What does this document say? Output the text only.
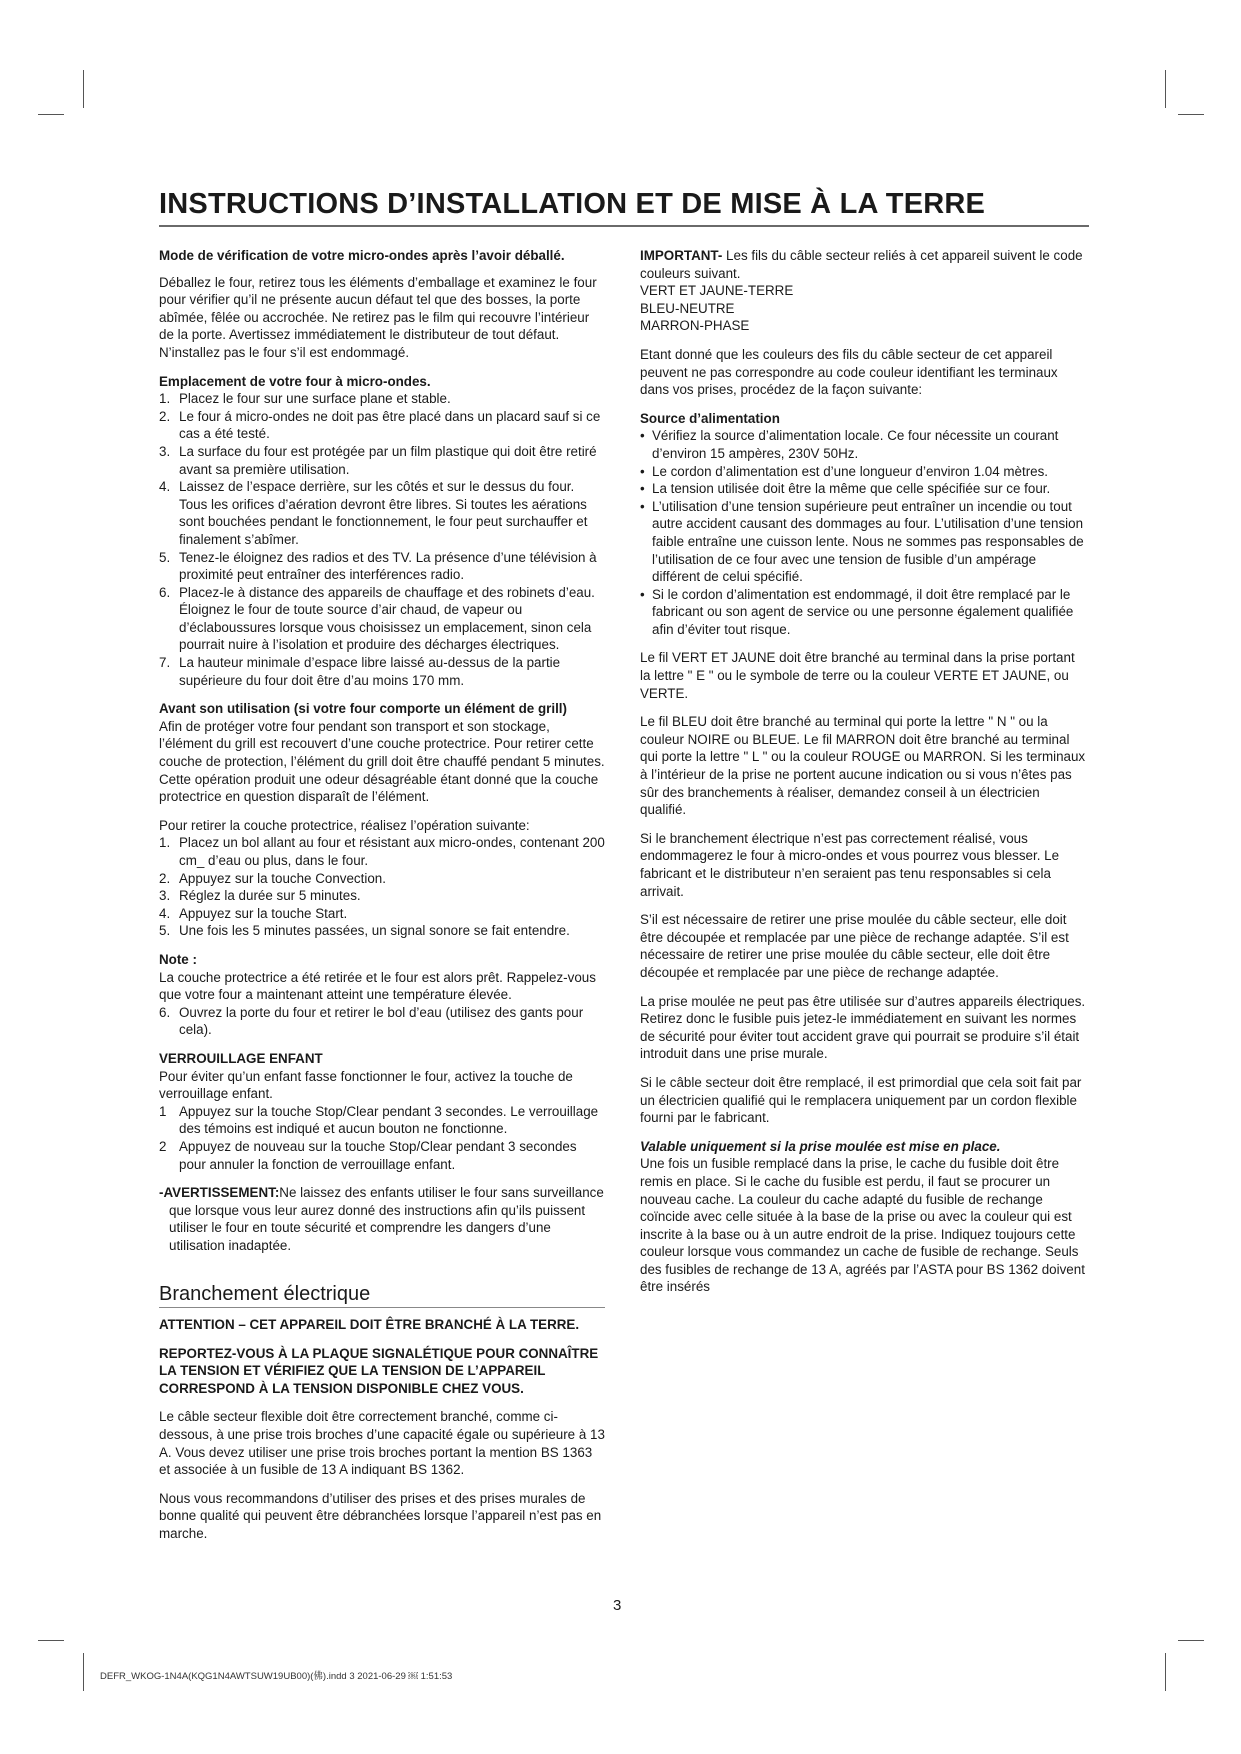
INSTRUCTIONS D’INSTALLATION ET DE MISE À LA TERRE

Mode de vérification de votre micro-ondes après l’avoir déballé.

Déballez le four, retirez tous les éléments d’emballage et examinez le four pour vérifier qu’il ne présente aucun défaut tel que des bosses, la porte abîmée, fêlée ou accrochée. Ne retirez pas le film qui recouvre l’intérieur de la porte. Avertissez immédiatement le distributeur de tout défaut. N’installez pas le four s’il est endommagé.

Emplacement de votre four à micro-ondes.

1. Placez le four sur une surface plane et stable.
2. Le four á micro-ondes ne doit pas être placé dans un placard sauf si ce cas a été testé.
3. La surface du four est protégée par un film plastique qui doit être retiré avant sa première utilisation.
4. Laissez de l’espace derrière, sur les côtés et sur le dessus du four. Tous les orifices d’aération devront être libres. Si toutes les aérations sont bouchées pendant le fonctionnement, le four peut surchauffer et finalement s’abîmer.
5. Tenez-le éloignez des radios et des TV. La présence d’une télévision à proximité peut entraîner des interférences radio.
6. Placez-le à distance des appareils de chauffage et des robinets d’eau. Éloignez le four de toute source d’air chaud, de vapeur ou d’éclaboussures lorsque vous choisissez un emplacement, sinon cela pourrait nuire à l’isolation et produire des décharges électriques.
7. La hauteur minimale d’espace libre laissé au-dessus de la partie supérieure du four doit être d’au moins 170 mm.

Avant son utilisation (si votre four comporte un élément de grill)

Afin de protéger votre four pendant son transport et son stockage, l’élément du grill est recouvert d’une couche protectrice. Pour retirer cette couche de protection, l’élément du grill doit être chauffé pendant 5 minutes. Cette opération produit une odeur désagréable étant donné que la couche protectrice en question disparaît de l’élément.

Pour retirer la couche protectrice, réalisez l’opération suivante:

1. Placez un bol allant au four et résistant aux micro-ondes, contenant 200 cm_ d’eau ou plus, dans le four.
2. Appuyez sur la touche Convection.
3. Réglez la durée sur 5 minutes.
4. Appuyez sur la touche Start.
5. Une fois les 5 minutes passées, un signal sonore se fait entendre.

Note :

La couche protectrice a été retirée et le four est alors prêt. Rappelez-vous que votre four a maintenant atteint une température élevée.

6. Ouvrez la porte du four et retirer le bol d’eau (utilisez des gants pour cela).

VERROUILLAGE ENFANT

Pour éviter qu’un enfant fasse fonctionner le four, activez la touche de verrouillage enfant.

1 Appuyez sur la touche Stop/Clear pendant 3 secondes. Le verrouillage des témoins est indiqué et aucun bouton ne fonctionne.
2 Appuyez de nouveau sur la touche Stop/Clear pendant 3 secondes pour annuler la fonction de verrouillage enfant.

-AVERTISSEMENT:Ne laissez des enfants utiliser le four sans surveillance que lorsque vous leur aurez donné des instructions afin qu’ils puissent utiliser le four en toute sécurité et comprendre les dangers d’une utilisation inadaptée.

Branchement électrique

ATTENTION – CET APPAREIL DOIT ÊTRE BRANCHÉ À LA TERRE.

REPORTEZ-VOUS À LA PLAQUE SIGNALÉTIQUE POUR CONNAÎTRE LA TENSION ET VÉRIFIEZ QUE LA TENSION DE L’APPAREIL CORRESPOND À LA TENSION DISPONIBLE CHEZ VOUS.

Le câble secteur flexible doit être correctement branché, comme ci-dessous, à une prise trois broches d’une capacité égale ou supérieure à 13 A. Vous devez utiliser une prise trois broches portant la mention BS 1363 et associée à un fusible de 13 A indiquant BS 1362.

Nous vous recommandons d’utiliser des prises et des prises murales de bonne qualité qui peuvent être débranchées lorsque l’appareil n’est pas en marche.

IMPORTANT- Les fils du câble secteur reliés à cet appareil suivent le code couleurs suivant.

VERT ET JAUNE-TERRE

BLEU-NEUTRE

MARRON-PHASE

Etant donné que les couleurs des fils du câble secteur de cet appareil peuvent ne pas correspondre au code couleur identifiant les terminaux dans vos prises, procédez de la façon suivante:

Source d’alimentation

• Vérifiez la source d’alimentation locale. Ce four nécessite un courant d’environ 15 ampères, 230V 50Hz.
• Le cordon d’alimentation est d’une longueur d’environ 1.04 mètres.
• La tension utilisée doit être la même que celle spécifiée sur ce four.
• L’utilisation d’une tension supérieure peut entraîner un incendie ou tout autre accident causant des dommages au four. L’utilisation d’une tension faible entraîne une cuisson lente. Nous ne sommes pas responsables de l’utilisation de ce four avec une tension de fusible d’un ampérage différent de celui spécifié.
• Si le cordon d’alimentation est endommagé, il doit être remplacé par le fabricant ou son agent de service ou une personne également qualifiée afin d’éviter tout risque.

Le fil VERT ET JAUNE doit être branché au terminal dans la prise portant la lettre " E " ou le symbole de terre ou la couleur VERTE ET JAUNE, ou VERTE.

Le fil BLEU doit être branché au terminal qui porte la lettre " N " ou la couleur NOIRE ou BLEUE. Le fil MARRON doit être branché au terminal qui porte la lettre " L " ou la couleur ROUGE ou MARRON. Si les terminaux à l’intérieur de la prise ne portent aucune indication ou si vous n’êtes pas sûr des branchements à réaliser, demandez conseil à un électricien qualifié.

Si le branchement électrique n’est pas correctement réalisé, vous endommagerez le four à micro-ondes et vous pourrez vous blesser. Le fabricant et le distributeur n’en seraient pas tenu responsables si cela arrivait.

S’il est nécessaire de retirer une prise moulée du câble secteur, elle doit être découpée et remplacée par une pièce de rechange adaptée. S’il est nécessaire de retirer une prise moulée du câble secteur, elle doit être découpée et remplacée par une pièce de rechange adaptée.

La prise moulée ne peut pas être utilisée sur d’autres appareils électriques. Retirez donc le fusible puis jetez-le immédiatement en suivant les normes de sécurité pour éviter tout accident grave qui pourrait se produire s’il était introduit dans une prise murale.

Si le câble secteur doit être remplacé, il est primordial que cela soit fait par un électricien qualifié qui le remplacera uniquement par un cordon flexible fourni par le fabricant.

Valable uniquement si la prise moulée est mise en place.

Une fois un fusible remplacé dans la prise, le cache du fusible doit être remis en place. Si le cache du fusible est perdu, il faut se procurer un nouveau cache. La couleur du cache adapté du fusible de rechange coïncide avec celle située à la base de la prise ou avec la couleur qui est inscrite à la base ou à un autre endroit de la prise. Indiquez toujours cette couleur lorsque vous commandez un cache de fusible de rechange. Seuls des fusibles de rechange de 13 A, agréés par l’ASTA pour BS 1362 doivent être insérés

3
DEFR_WKOG-1N4A(KQG1N4AWTSUW19UB00)(佛).indd 3 2021-06-29 ￼ 1:51:53
